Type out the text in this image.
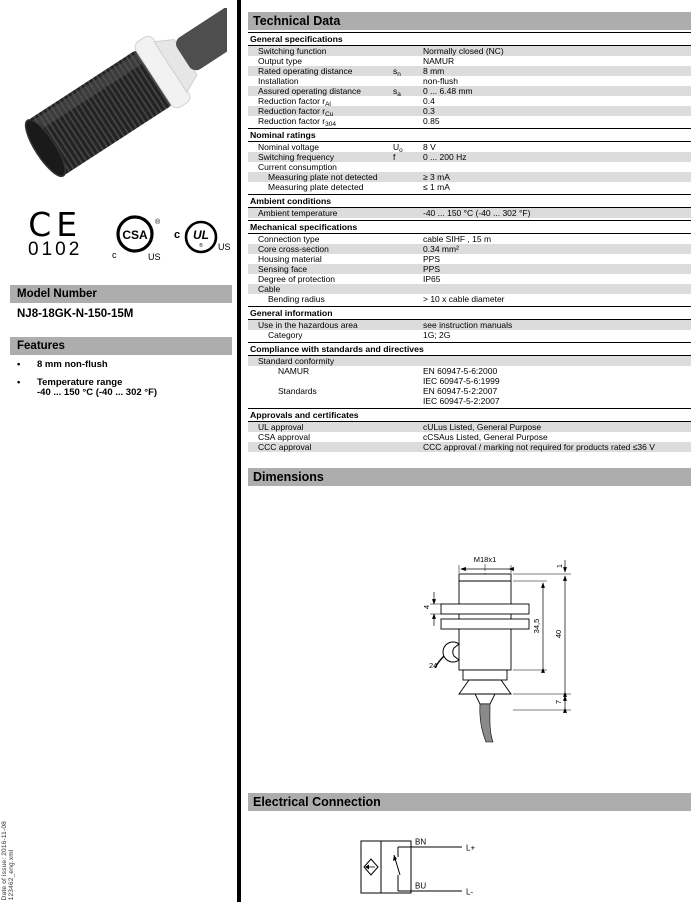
Date of issue: 2016-11-08
123462_eng.xml
CE
0102
CSA
®
c	US
c UL
® US
Model Number
NJ8-18GK-N-150-15M
Features
•	8 mm non-flush
•	Temperature range
-40 ... 150 °C (-40 ... 302 °F)
Technical Data
General specifications
Switching function	Normally closed (NC)
Output type	NAMUR
Rated operating distance	$s_n$	8 mm
Installation	non-flush
Assured operating distance	$s_a$	0 ... 6.48 mm
Reduction factor $r_{Al}$	0.4
Reduction factor $r_{Cu}$	0.3
Reduction factor $r_{304}$	0.85
Nominal ratings
Nominal voltage	$U_o$	8 V
Switching frequency	f	0 ... 200 Hz
Current consumption
Measuring plate not detected	≥ 3 mA
Measuring plate detected	≤ 1 mA
Ambient conditions
Ambient temperature	-40 ... 150 °C (-40 ... 302 °F)
Mechanical specifications
Connection type	cable SIHF , 15 m
Core cross-section	0.34 mm²
Housing material	PPS
Sensing face	PPS
Degree of protection	IP65
Cable
Bending radius	> 10 x cable diameter
General information
Use in the hazardous area	see instruction manuals
Category	1G; 2G
Compliance with standards and directives
Standard conformity
NAMUR	EN 60947-5-6:2000
IEC 60947-5-6:1999
Standards	EN 60947-5-2:2007
IEC 60947-5-2:2007
Approvals and certificates
UL approval	cULus Listed, General Purpose
CSA approval	cCSAus Listed, General Purpose
CCC approval	CCC approval / marking not required for products rated ≤36 V
Dimensions
M18x1
4
24
34,5
40
7
1
Electrical Connection
BN
BU
L+
L-
